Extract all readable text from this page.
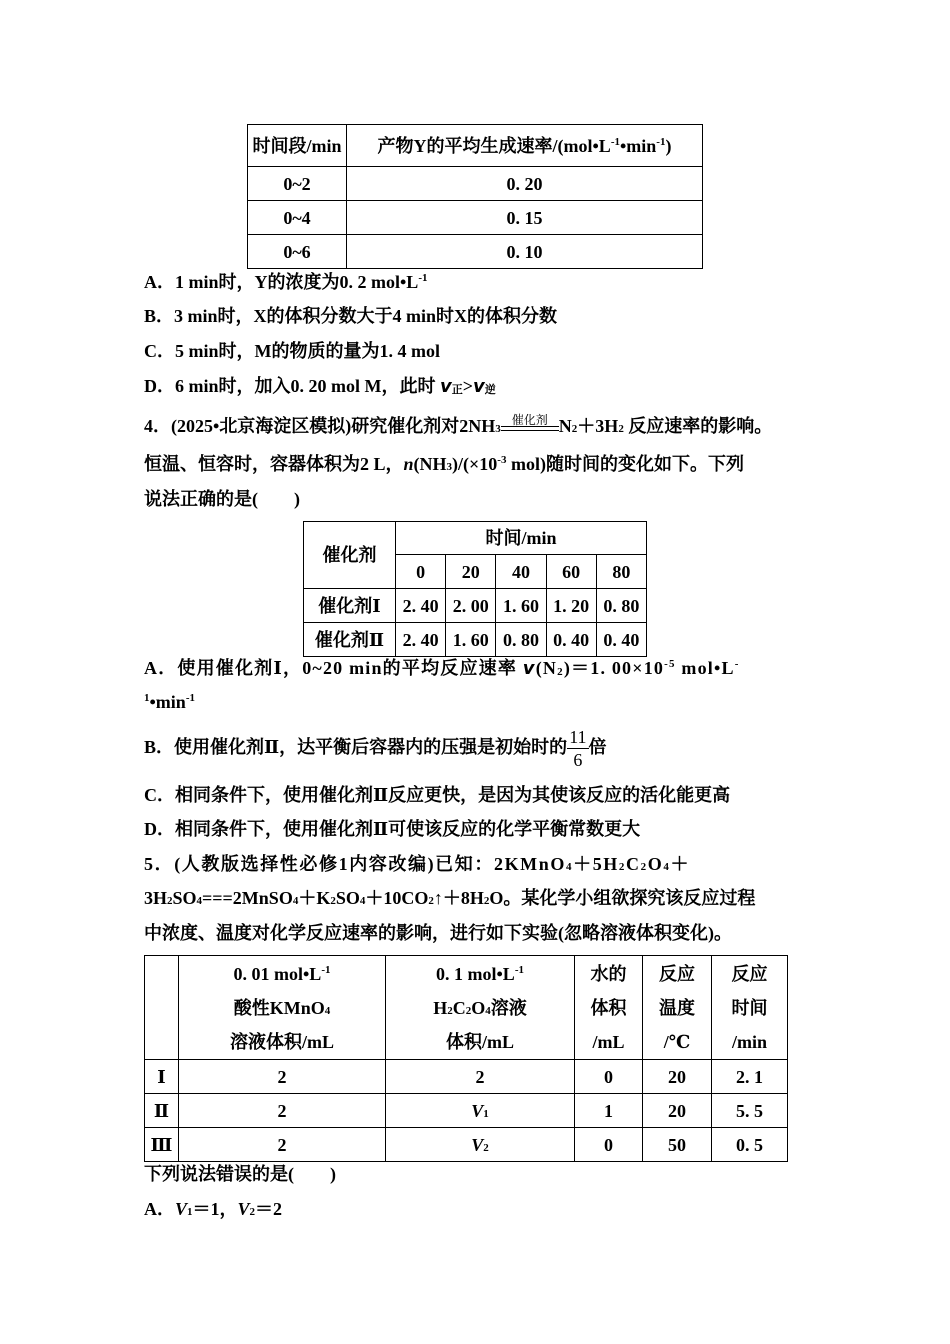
时间段/min	产物Y的平均生成速率$/(mol•L^{-1}•\min^{-1})$
0~2	0. 20
0~4	0. 15
0~6	0. 10
A．1 min时，Y的浓度为0. 2 $mol•L^{-1}$
B．3 min时，X的体积分数大于4 min时X的体积分数
C．5 min时，M的物质的量为1. 4 mol
D．6 min时，加入0. 20 mol M，此时 $v_正>v_逆$
4．(2025•北京海淀区模拟)研究催化剂对$2NH_3$
催化剂 $N_2+3H_2$ 反应速率的影响。
恒温、恒容时，容器体积为2 L，$n(NH_3)/(\times 10^{-3}$ mol)随时间的变化如下。下列
说法正确的是(　　)
催化剂	时间/min				
	0	20	40	60	80
催化剂Ⅰ	2. 40	2. 00	1. 60	1. 20	0. 80
催化剂Ⅱ	2. 40	1. 60	0. 80	0. 40	0. 40
A．使用催化剂Ⅰ，0~20 min的平均反应速率 $v(N_2)=1$. $00\times 10^{-5}$ mol•L-
$^1•\min^{-1}$
B．使用催化剂Ⅱ，达平衡后容器内的压强是初始时的 $\frac{11}{6}$ 倍
C．相同条件下，使用催化剂Ⅱ反应更快，是因为其使该反应的活化能更高
D．相同条件下，使用催化剂Ⅱ可使该反应的化学平衡常数更大
5．(人教版选择性必修1内容改编)已知：$2KMnO_4+5H_2C_2O_4+$
$3H_2SO_4===2MnSO_4+K_2SO_4+10CO_2↑+8H_2O$。某化学小组欲探究该反应过程
中浓度、温度对化学反应速率的影响，进行如下实验(忽略溶液体积变化)。
	0. 01 $mol•L^{-1}$
酸性KMnO$_4$
溶液体积/mL	0. 1 $mol•L^{-1}$
$H_2C_2O_4$溶液
体积/mL	水的
体积
/mL	反应
温度
/℃	反应
时间
/min
Ⅰ	2	2	0	20	2. 1
Ⅱ	2	$V_1$	1	20	5. 5
Ⅲ	2	$V_2$	0	50	0. 5
下列说法错误的是(　　)
A．$V_1=1$，$V_2=2$
